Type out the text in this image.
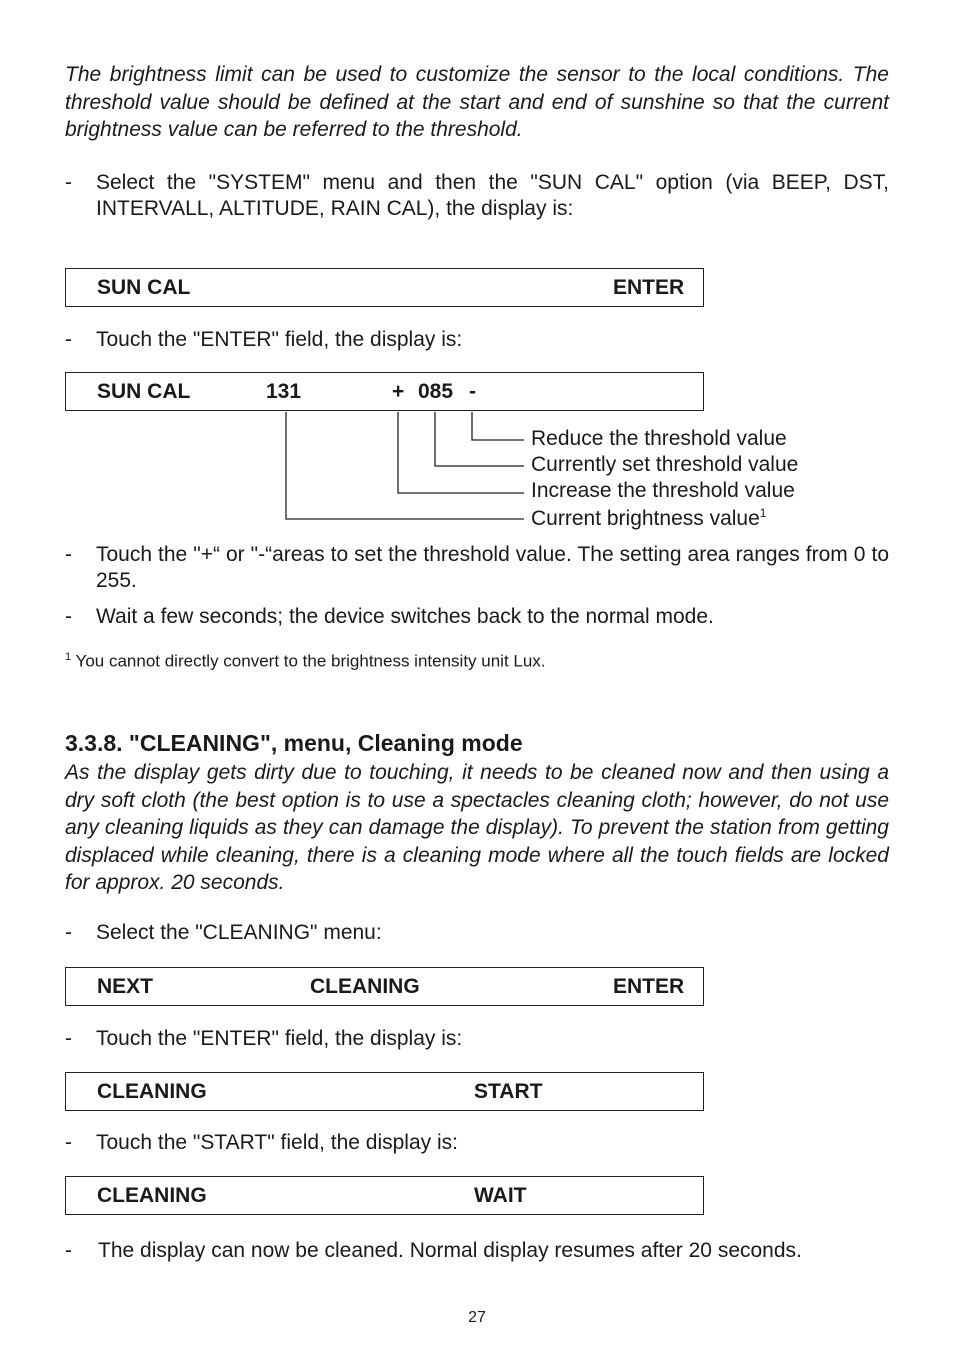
The brightness limit can be used to customize the sensor to the local conditions. The threshold value should be defined at the start and end of sunshine so that the current brightness value can be referred to the threshold.
- Select the "SYSTEM" menu and then the "SUN CAL" option (via BEEP, DST, INTERVALL, ALTITUDE, RAIN CAL), the display is:
SUN CAL	ENTER
- Touch the "ENTER" field, the display is:
SUN CAL	131	+ 085 -
Reduce the threshold value
Currently set threshold value
Increase the threshold value
Current brightness value$^1$
- Touch the "+“ or "-“areas to set the threshold value. The setting area ranges from 0 to 255.
- Wait a few seconds; the device switches back to the normal mode.
$^1$ You cannot directly convert to the brightness intensity unit Lux.
3.3.8. "CLEANING", menu, Cleaning mode
As the display gets dirty due to touching, it needs to be cleaned now and then using a dry soft cloth (the best option is to use a spectacles cleaning cloth; however, do not use any cleaning liquids as they can damage the display). To prevent the station from getting displaced while cleaning, there is a cleaning mode where all the touch fields are locked for approx. 20 seconds.
- Select the "CLEANING" menu:
NEXT	CLEANING	ENTER
- Touch the "ENTER" field, the display is:
CLEANING	START
- Touch the "START" field, the display is:
CLEANING	WAIT
- The display can now be cleaned. Normal display resumes after 20 seconds.
27
